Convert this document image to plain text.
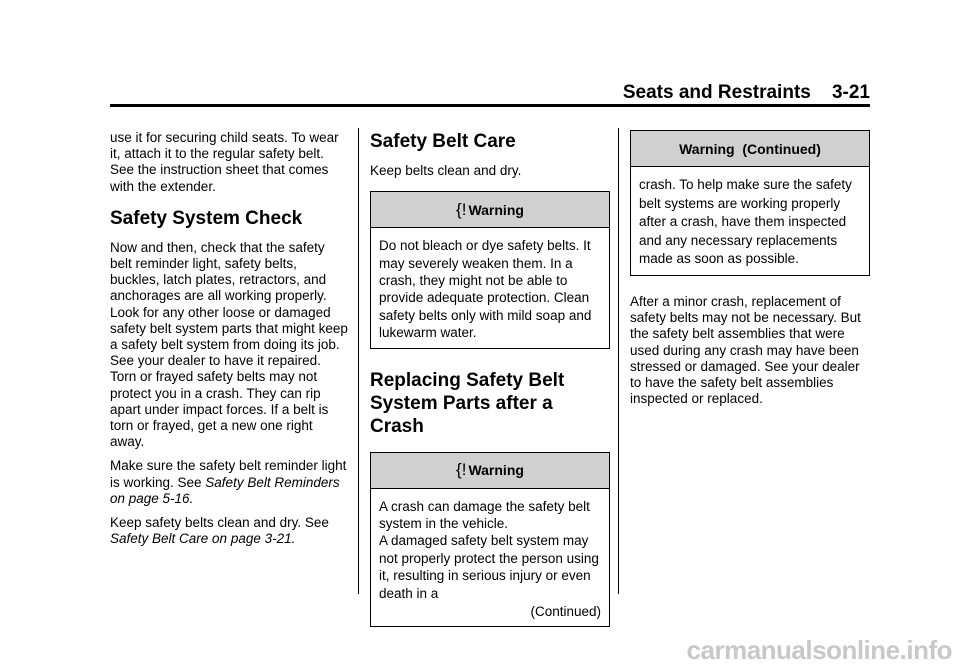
Seats and Restraints 3-21

use it for securing child seats. To wear it, attach it to the regular safety belt. See the instruction sheet that comes with the extender.

Safety System Check

Now and then, check that the safety belt reminder light, safety belts, buckles, latch plates, retractors, and anchorages are all working properly. Look for any other loose or damaged safety belt system parts that might keep a safety belt system from doing its job. See your dealer to have it repaired. Torn or frayed safety belts may not protect you in a crash. They can rip apart under impact forces. If a belt is torn or frayed, get a new one right away.

Make sure the safety belt reminder light is working. See Safety Belt Reminders on page 5-16.

Keep safety belts clean and dry. See Safety Belt Care on page 3-21.

Safety Belt Care

Keep belts clean and dry.

{! Warning
Do not bleach or dye safety belts. It may severely weaken them. In a crash, they might not be able to provide adequate protection. Clean safety belts only with mild soap and lukewarm water.
Replacing Safety Belt
System Parts after a
Crash
{! Warning
A crash can damage the safety belt system in the vehicle.
A damaged safety belt system may not properly protect the person using it, resulting in serious injury or even death in a
(Continued)
Warning  (Continued)
crash. To help make sure the safety belt systems are working properly after a crash, have them inspected and any necessary replacements made as soon as possible.

After a minor crash, replacement of safety belts may not be necessary. But the safety belt assemblies that were used during any crash may have been stressed or damaged. See your dealer to have the safety belt assemblies inspected or replaced.

carmanualsonline.info
